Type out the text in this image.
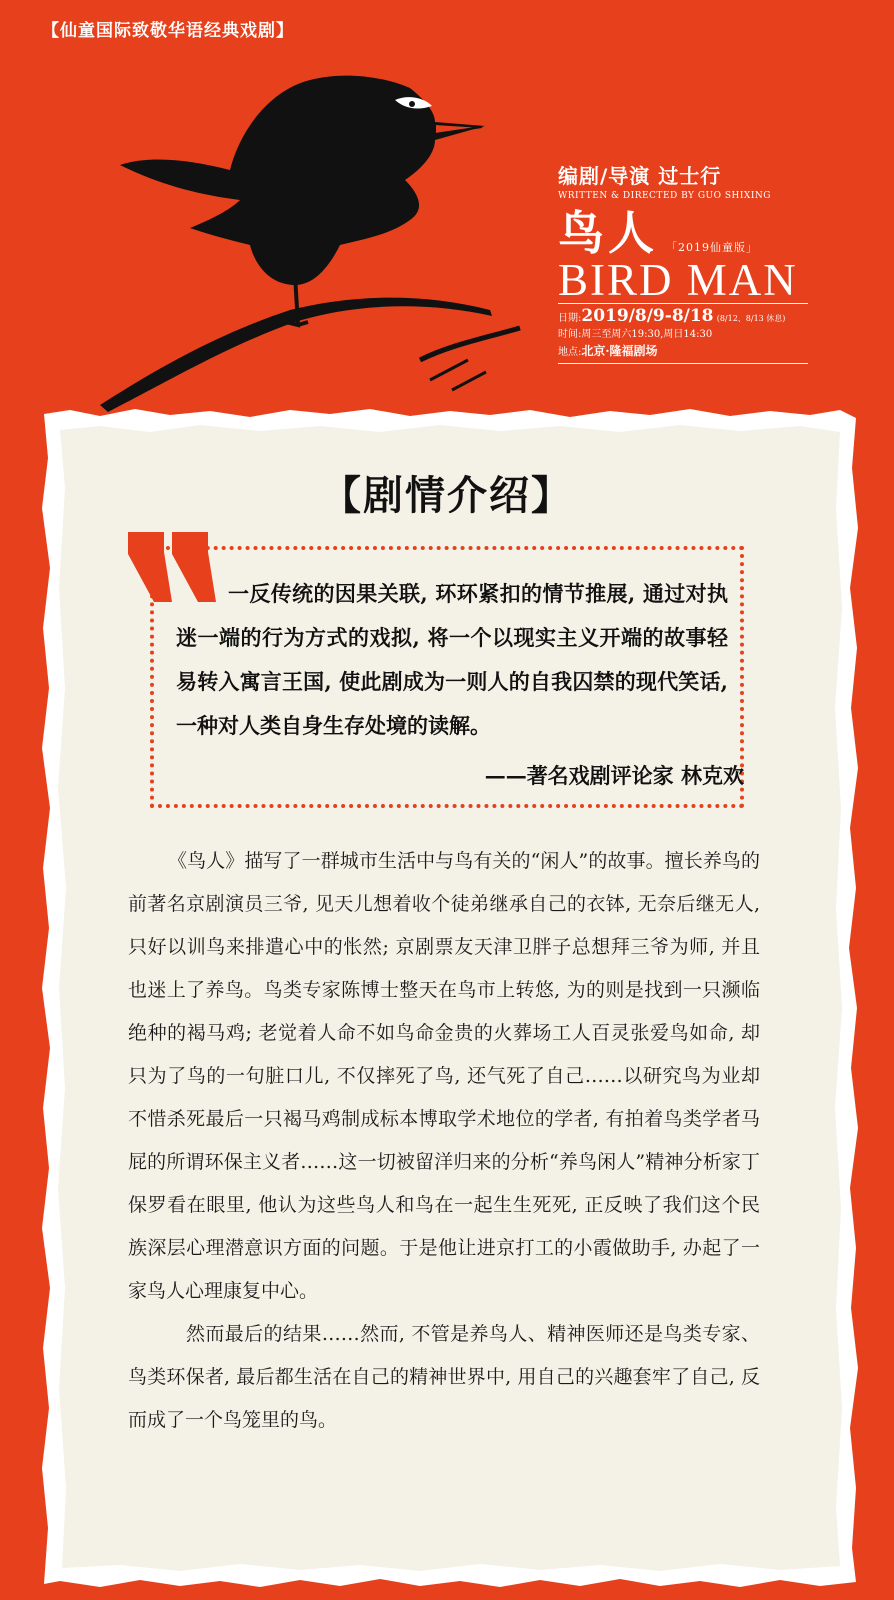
【仙童国际致敬华语经典戏剧】
编剧/导演 过士行
WRITTEN & DIRECTED BY GUO SHIXING
鸟人 「2019仙童版」
BIRD MAN
日期:2019/8/9-8/18 (8/12、8/13 休息)
时间:周三至周六19:30,周日14:30
地点:北京·隆福剧场
【剧情介绍】
一反传统的因果关联, 环环紧扣的情节推展, 通过对执迷一端的行为方式的戏拟, 将一个以现实主义开端的故事轻易转入寓言王国, 使此剧成为一则人的自我囚禁的现代笑话, 一种对人类自身生存处境的读解。
——著名戏剧评论家 林克欢

《鸟人》描写了一群城市生活中与鸟有关的“闲人”的故事。擅长养鸟的前著名京剧演员三爷, 见天儿想着收个徒弟继承自己的衣钵, 无奈后继无人, 只好以训鸟来排遣心中的怅然; 京剧票友天津卫胖子总想拜三爷为师, 并且也迷上了养鸟。鸟类专家陈博士整天在鸟市上转悠, 为的则是找到一只濒临绝种的褐马鸡; 老觉着人命不如鸟命金贵的火葬场工人百灵张爱鸟如命, 却只为了鸟的一句脏口儿, 不仅摔死了鸟, 还气死了自己……以研究鸟为业却不惜杀死最后一只褐马鸡制成标本博取学术地位的学者, 有拍着鸟类学者马屁的所谓环保主义者……这一切被留洋归来的分析“养鸟闲人”精神分析家丁保罗看在眼里, 他认为这些鸟人和鸟在一起生生死死, 正反映了我们这个民族深层心理潜意识方面的问题。于是他让进京打工的小霞做助手, 办起了一家鸟人心理康复中心。

然而最后的结果……然而, 不管是养鸟人、精神医师还是鸟类专家、鸟类环保者, 最后都生活在自己的精神世界中, 用自己的兴趣套牢了自己, 反而成了一个鸟笼里的鸟。
